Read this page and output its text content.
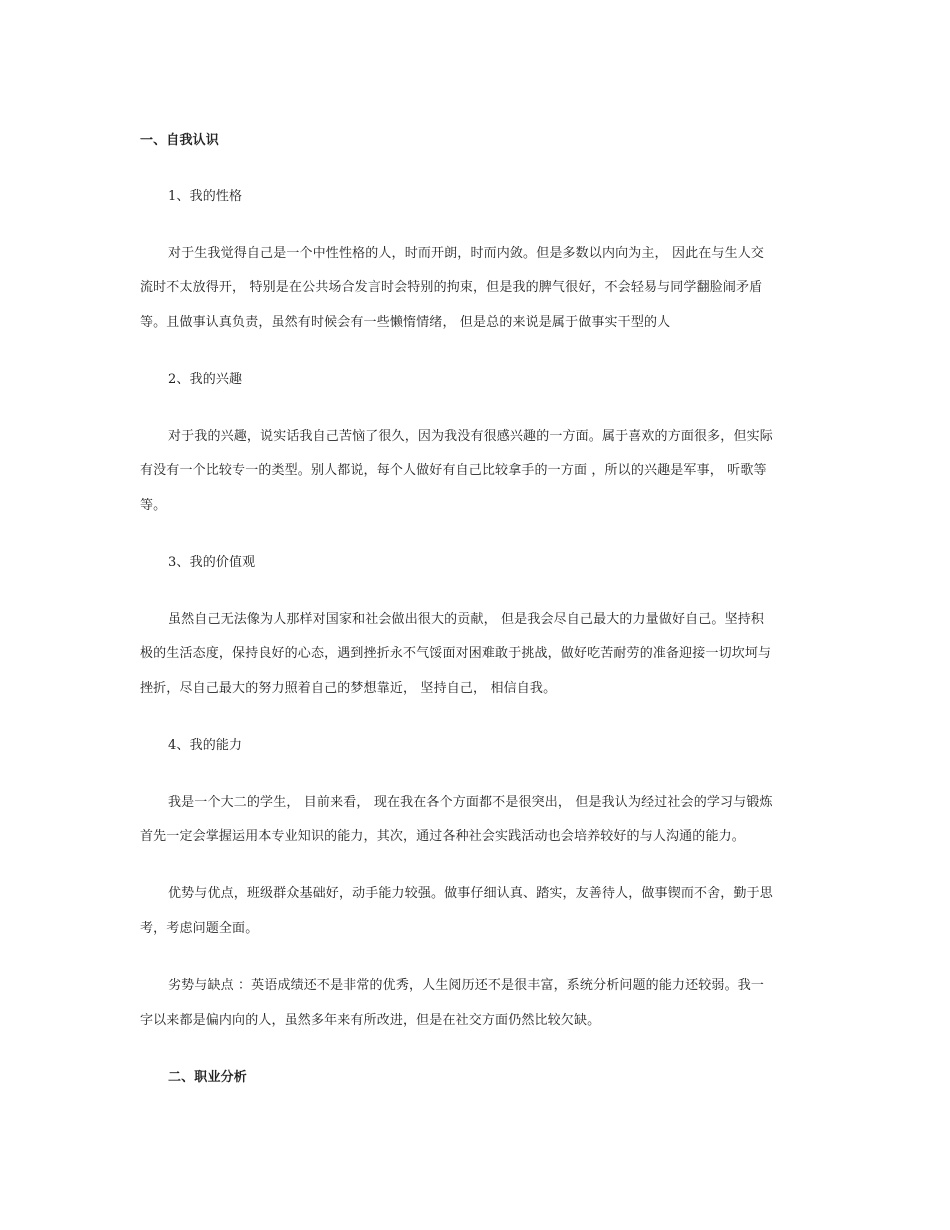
一、自我认识
1、我的性格
对于生我觉得自己是一个中性性格的人，时而开朗，时而内敛。但是多数以内向为主， 因此在与生人交
流时不太放得开， 特别是在公共场合发言时会特别的拘束，但是我的脾气很好，不会轻易与同学翻脸闹矛盾
等。且做事认真负责，虽然有时候会有一些懒惰情绪， 但是总的来说是属于做事实干型的人
2、我的兴趣
对于我的兴趣，说实话我自己苦恼了很久，因为我没有很感兴趣的一方面。属于喜欢的方面很多，但实际
有没有一个比较专一的类型。别人都说，每个人做好有自己比较拿手的一方面 ，所以的兴趣是军事， 听歌等
等。
3、我的价值观
虽然自己无法像为人那样对国家和社会做出很大的贡献， 但是我会尽自己最大的力量做好自己。坚持积
极的生活态度，保持良好的心态，遇到挫折永不气馁面对困难敢于挑战，做好吃苦耐劳的准备迎接一切坎坷与
挫折，尽自己最大的努力照着自己的梦想靠近， 坚持自己， 相信自我。
4、我的能力
我是一个大二的学生， 目前来看， 现在我在各个方面都不是很突出， 但是我认为经过社会的学习与锻炼
首先一定会掌握运用本专业知识的能力，其次，通过各种社会实践活动也会培养较好的与人沟通的能力。
优势与优点，班级群众基础好，动手能力较强。做事仔细认真、踏实，友善待人，做事锲而不舍，勤于思
考，考虑问题全面。
劣势与缺点 ：英语成绩还不是非常的优秀，人生阅历还不是很丰富，系统分析问题的能力还较弱。我一
字以来都是偏内向的人，虽然多年来有所改进，但是在社交方面仍然比较欠缺。
二、职业分析
